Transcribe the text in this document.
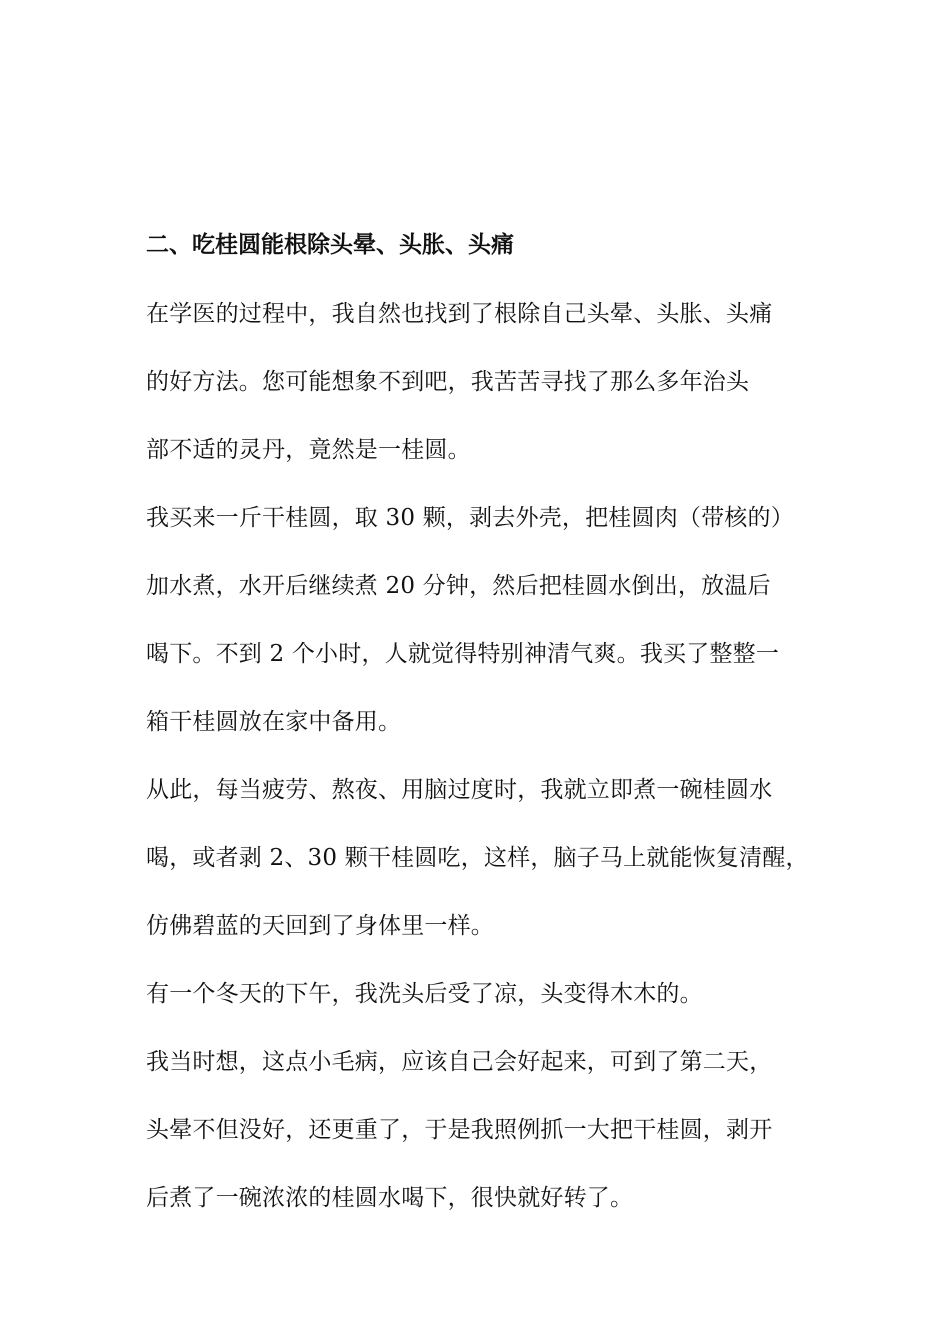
二、吃桂圆能根除头晕、头胀、头痛
在学医的过程中，我自然也找到了根除自己头晕、头胀、头痛
的好方法。您可能想象不到吧，我苦苦寻找了那么多年治头
部不适的灵丹，竟然是一桂圆。
我买来一斤干桂圆，取 30 颗，剥去外壳，把桂圆肉（带核的）
加水煮，水开后继续煮 20 分钟，然后把桂圆水倒出，放温后
喝下。不到 2 个小时，人就觉得特别神清气爽。我买了整整一
箱干桂圆放在家中备用。
从此，每当疲劳、熬夜、用脑过度时，我就立即煮一碗桂圆水
喝，或者剥 2、30 颗干桂圆吃，这样，脑子马上就能恢复清醒，
仿佛碧蓝的天回到了身体里一样。
有一个冬天的下午，我洗头后受了凉，头变得木木的。
我当时想，这点小毛病，应该自己会好起来，可到了第二天，
头晕不但没好，还更重了，于是我照例抓一大把干桂圆，剥开
后煮了一碗浓浓的桂圆水喝下，很快就好转了。
